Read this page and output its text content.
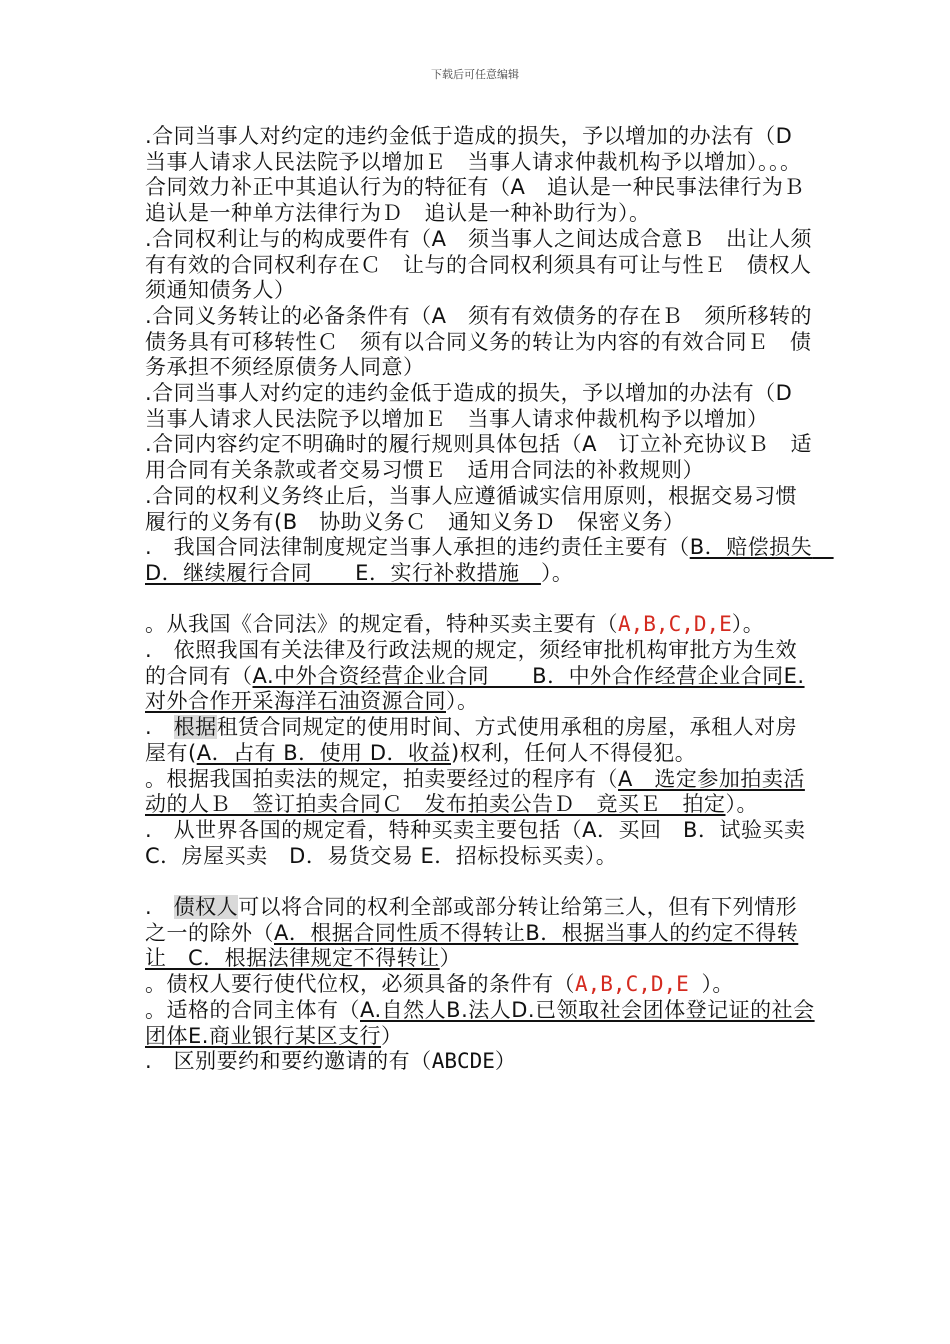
下载后可任意编辑

.合同当事人对约定的违约金低于造成的损失，予以增加的办法有（D　当事人请求人民法院予以增加Ｅ　当事人请求仲裁机构予以增加）。。。合同效力补正中其追认行为的特征有（A　追认是一种民事法律行为Ｂ　追认是一种单方法律行为Ｄ　追认是一种补助行为）。

.合同权利让与的构成要件有（A　须当事人之间达成合意Ｂ　出让人须有有效的合同权利存在Ｃ　让与的合同权利须具有可让与性Ｅ　债权人须通知债务人）

.合同义务转让的必备条件有（A　须有有效债务的存在Ｂ　须所移转的债务具有可移转性Ｃ　须有以合同义务的转让为内容的有效合同Ｅ　债务承担不须经原债务人同意）

.合同当事人对约定的违约金低于造成的损失，予以增加的办法有（D　当事人请求人民法院予以增加Ｅ　当事人请求仲裁机构予以增加）

.合同内容约定不明确时的履行规则具体包括（A　订立补充协议Ｂ　适用合同有关条款或者交易习惯Ｅ　适用合同法的补救规则）

.合同的权利义务终止后，当事人应遵循诚实信用原则，根据交易习惯履行的义务有(B　协助义务Ｃ　通知义务Ｄ　保密义务）

.　我国合同法律制度规定当事人承担的违约责任主要有（B．赔偿损失　D．继续履行合同　　E．实行补救措施　）。

。从我国《合同法》的规定看，特种买卖主要有（A,B,C,D,E）。

.　依照我国有关法律及行政法规的规定，须经审批机构审批方为生效的合同有（A.中外合资经营企业合同　　B．中外合作经营企业合同E.对外合作开采海洋石油资源合同）。

.　根据租赁合同规定的使用时间、方式使用承租的房屋，承租人对房屋有(A．占有 B．使用 D．收益)权利，任何人不得侵犯。

。根据我国拍卖法的规定，拍卖要经过的程序有（A　选定参加拍卖活动的人Ｂ　签订拍卖合同Ｃ　发布拍卖公告Ｄ　竞买Ｅ　拍定）。

.　从世界各国的规定看，特种买卖主要包括（A．买回　B．试验买卖C．房屋买卖　D．易货交易 E．招标投标买卖）。

.　债权人可以将合同的权利全部或部分转让给第三人，但有下列情形之一的除外（A．根据合同性质不得转让B．根据当事人的约定不得转让　C．根据法律规定不得转让）

。债权人要行使代位权，必须具备的条件有（A,B,C,D,E ）。

。适格的合同主体有（A.自然人B.法人D.已领取社会团体登记证的社会团体E.商业银行某区支行）

.　区别要约和要约邀请的有（ABCDE）
